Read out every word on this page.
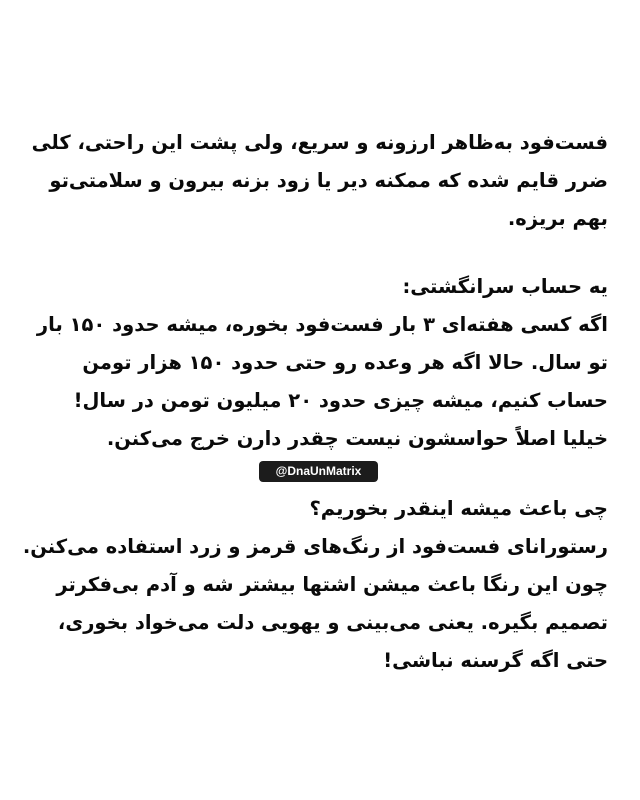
فست‌فود به‌ظاهر ارزونه و سریع، ولی پشت این راحتی، کلی
ضرر قایم شده که ممکنه دیر یا زود بزنه بیرون و سلامتی‌تو
بهم بریزه.
یه حساب سرانگشتی:
اگه کسی هفته‌ای ۳ بار فست‌فود بخوره، میشه حدود ۱۵۰ بار
تو سال. حالا اگه هر وعده رو حتی حدود ۱۵۰ هزار تومن
حساب کنیم، میشه چیزی حدود ۲۰ میلیون تومن در سال!
خیلیا اصلاً حواسشون نیست چقدر دارن خرج می‌کنن.
@DnaUnMatrix
چی باعث میشه اینقدر بخوریم؟
رستورانای فست‌فود از رنگ‌های قرمز و زرد استفاده می‌کنن.
چون این رنگا باعث میشن اشتها بیشتر شه و آدم بی‌فکرتر
تصمیم بگیره. یعنی می‌بینی و یهویی دلت می‌خواد بخوری،
حتی اگه گرسنه نباشی!
